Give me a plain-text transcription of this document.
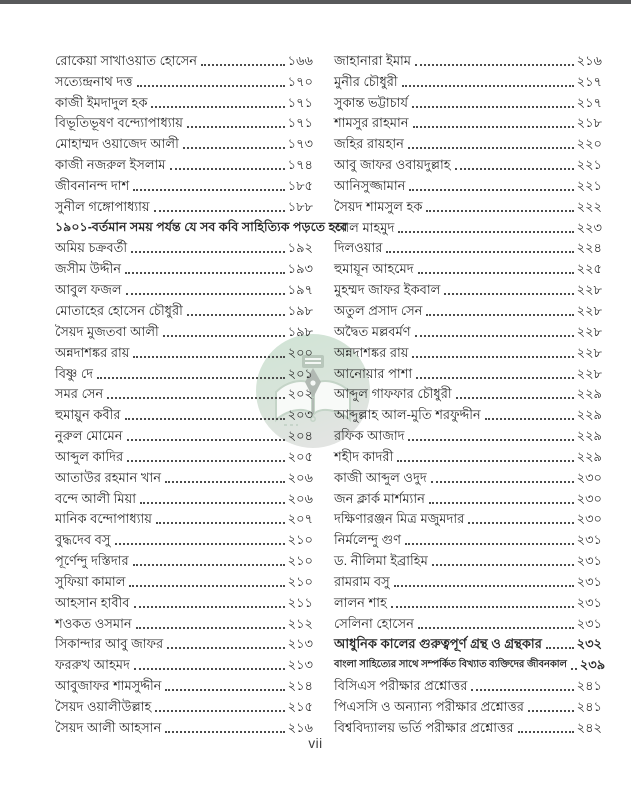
রোকেয়া সাখাওয়াত হোসেন	১৬৬
সত্যেন্দ্রনাথ দত্ত	১৭০
কাজী ইমদাদুল হক	১৭১
বিভূতিভূষণ বন্দ্যোপাধ্যায়	১৭১
মোহাম্মদ ওয়াজেদ আলী	১৭৩
কাজী নজরুল ইসলাম	১৭৪
জীবনানন্দ দাশ	১৮৫
সুনীল গঙ্গোপাধ্যায়	১৮৮
১৯০১-বর্তমান সময় পর্যন্ত যে সব কবি সাহিত্যিক পড়তে হবে
অমিয় চক্রবর্তী	১৯২
জসীম উদ্দীন	১৯৩
আবুল ফজল	১৯৭
মোতাহের হোসেন চৌধুরী	১৯৮
সৈয়দ মুজতবা আলী	১৯৮
অন্নদাশঙ্কর রায়	২০০
বিষ্ণু দে	২০১
সমর সেন	২০২
হুমায়ুন কবীর	২০৩
নুরুল মোমেন	২০৪
আব্দুল কাদির	২০৫
আতাউর রহমান খান	২০৬
বন্দে আলী মিয়া	২০৬
মানিক বন্দোপাধ্যায়	২০৭
বুদ্ধদেব বসু	২১০
পূর্ণেন্দু দস্তিদার	২১০
সুফিয়া কামাল	২১০
আহসান হাবীব	২১১
শওকত ওসমান	২১২
সিকান্দার আবু জাফর	২১৩
ফররুখ আহমদ	২১৩
আবুজাফর শামসুদ্দীন	২১৪
সৈয়দ ওয়ালীউল্লাহ	২১৫
সৈয়দ আলী আহসান	২১৬
জাহানারা ইমাম	২১৬
মুনীর চৌধুরী	২১৭
সুকান্ত ভট্টাচার্য	২১৭
শামসুর রাহমান	২১৮
জহির রায়হান	২২০
আবু জাফর ওবায়দুল্লাহ	২২১
আনিসুজ্জামান	২২১
সৈয়দ শামসুল হক	২২২
আল মাহমুদ	২২৩
দিলওয়ার	২২৪
হুমায়ূন আহমেদ	২২৫
মুহম্মদ জাফর ইকবাল	২২৮
অতুল প্রসাদ সেন	২২৮
অদ্বৈত মল্লবর্মণ	২২৮
অন্নদাশঙ্কর রায়	২২৮
আনোয়ার পাশা	২২৮
আব্দুল গাফফার চৌধুরী	২২৯
আব্দুল্লাহ আল-মুতি শরফুদ্দীন	২২৯
রফিক আজাদ	২২৯
শহীদ কাদরী	২২৯
কাজী আব্দুল ওদুদ	২৩০
জন ক্লার্ক মার্শম্যান	২৩০
দক্ষিণারঞ্জন মিত্র মজুমদার	২৩০
নির্মলেন্দু গুণ	২৩১
ড. নীলিমা ইব্রাহিম	২৩১
রামরাম বসু	২৩১
লালন শাহ	২৩১
সেলিনা হোসেন	২৩১
আধুনিক কালের গুরুত্বপূর্ণ গ্রন্থ ও গ্রন্থকার	২৩২
বাংলা সাহিত্যের সাথে সম্পর্কিত বিখ্যাত ব্যক্তিদের জীবনকাল ২৩৯
বিসিএস পরীক্ষার প্রশ্নোত্তর	২৪১
পিএসসি ও অন্যান্য পরীক্ষার প্রশ্নোত্তর	২৪১
বিশ্ববিদ্যালয় ভর্তি পরীক্ষার প্রশ্নোত্তর	২৪২
vii
